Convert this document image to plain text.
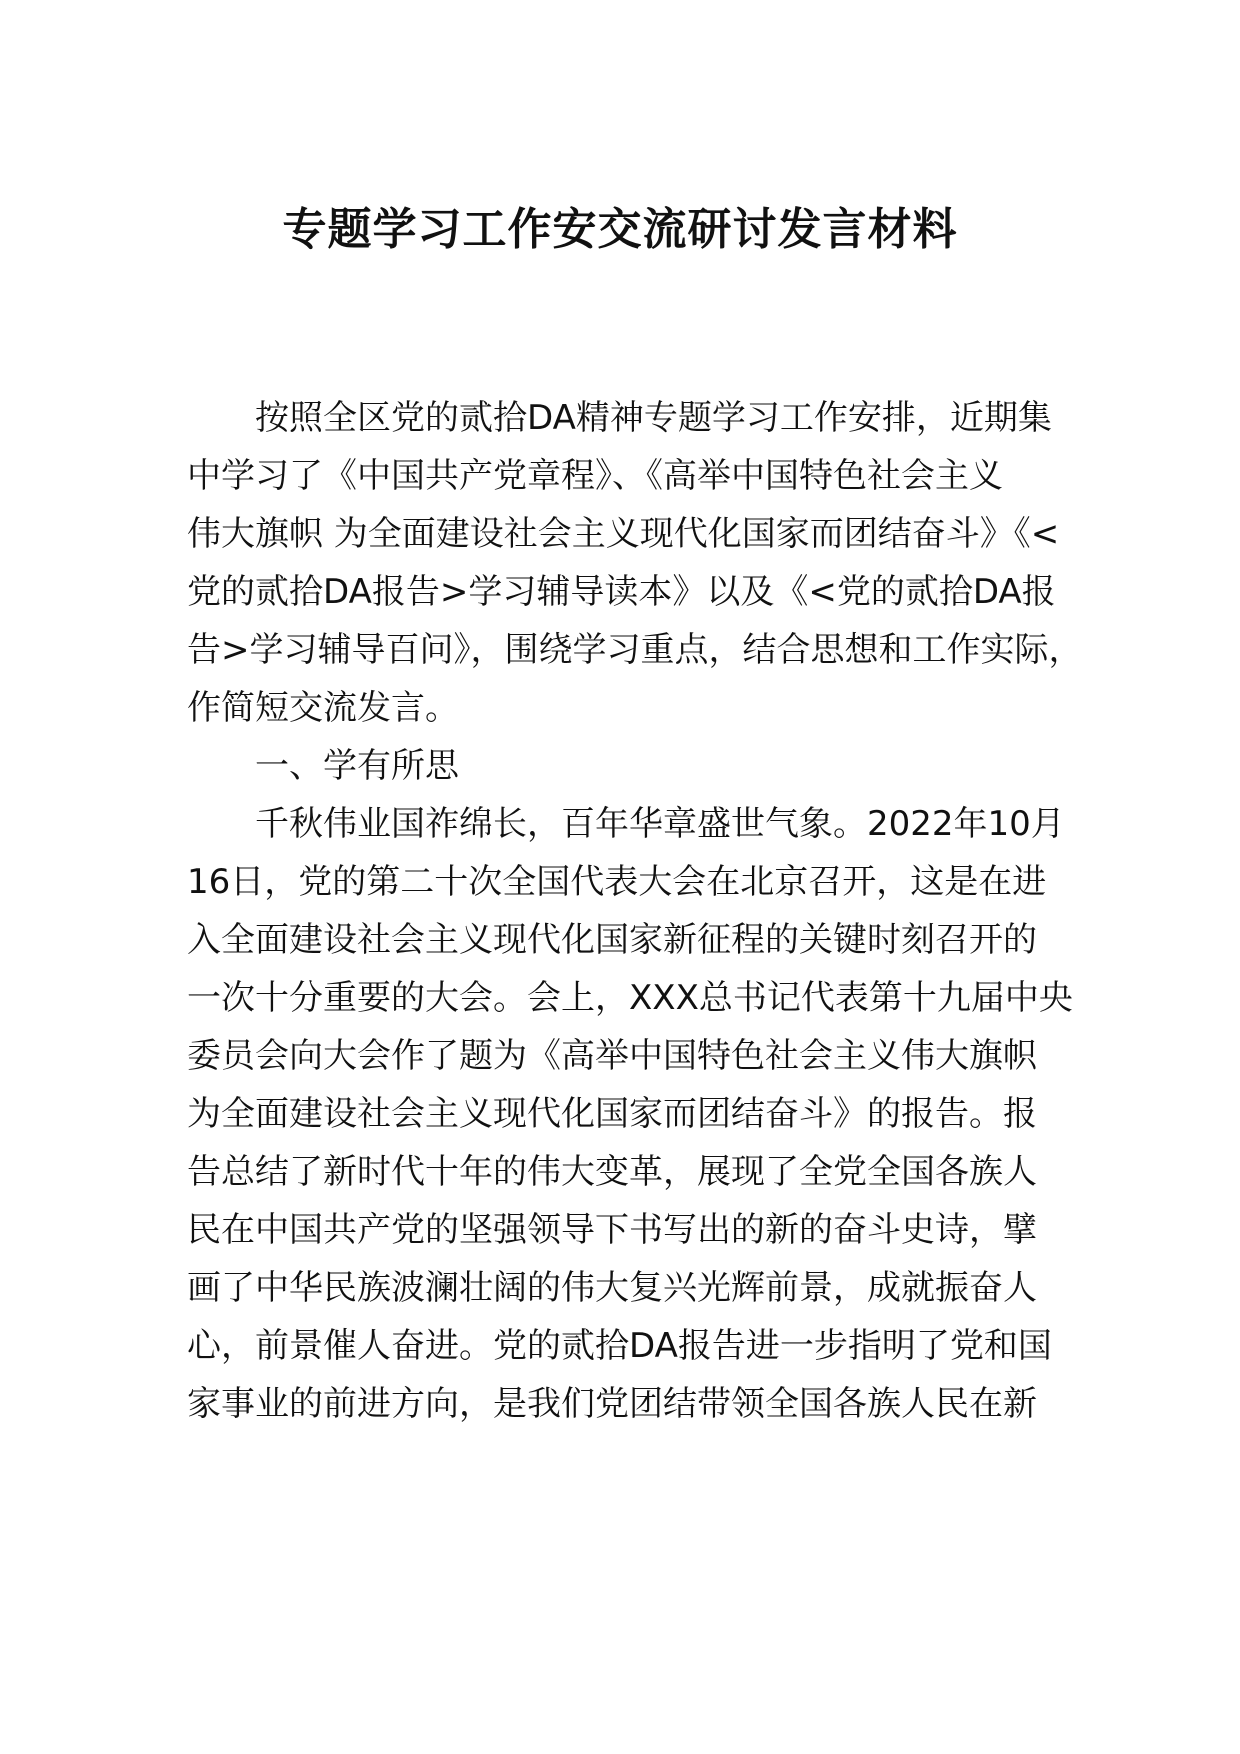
专题学习工作安交流研讨发言材料

按照全区党的贰拾DA精神专题学习工作安排，近期集

中学习了《中国共产党章程》、《高举中国特色社会主义

伟大旗帜 为全面建设社会主义现代化国家而团结奋斗》《<

党的贰拾DA报告>学习辅导读本》以及《<党的贰拾DA报

告>学习辅导百问》，围绕学习重点，结合思想和工作实际，

作简短交流发言。

一、学有所思

千秋伟业国祚绵长，百年华章盛世气象。2022年10月

16日，党的第二十次全国代表大会在北京召开，这是在进

入全面建设社会主义现代化国家新征程的关键时刻召开的

一次十分重要的大会。会上，XXX总书记代表第十九届中央

委员会向大会作了题为《高举中国特色社会主义伟大旗帜

为全面建设社会主义现代化国家而团结奋斗》的报告。报

告总结了新时代十年的伟大变革，展现了全党全国各族人

民在中国共产党的坚强领导下书写出的新的奋斗史诗，擘

画了中华民族波澜壮阔的伟大复兴光辉前景，成就振奋人

心，前景催人奋进。党的贰拾DA报告进一步指明了党和国

家事业的前进方向，是我们党团结带领全国各族人民在新
